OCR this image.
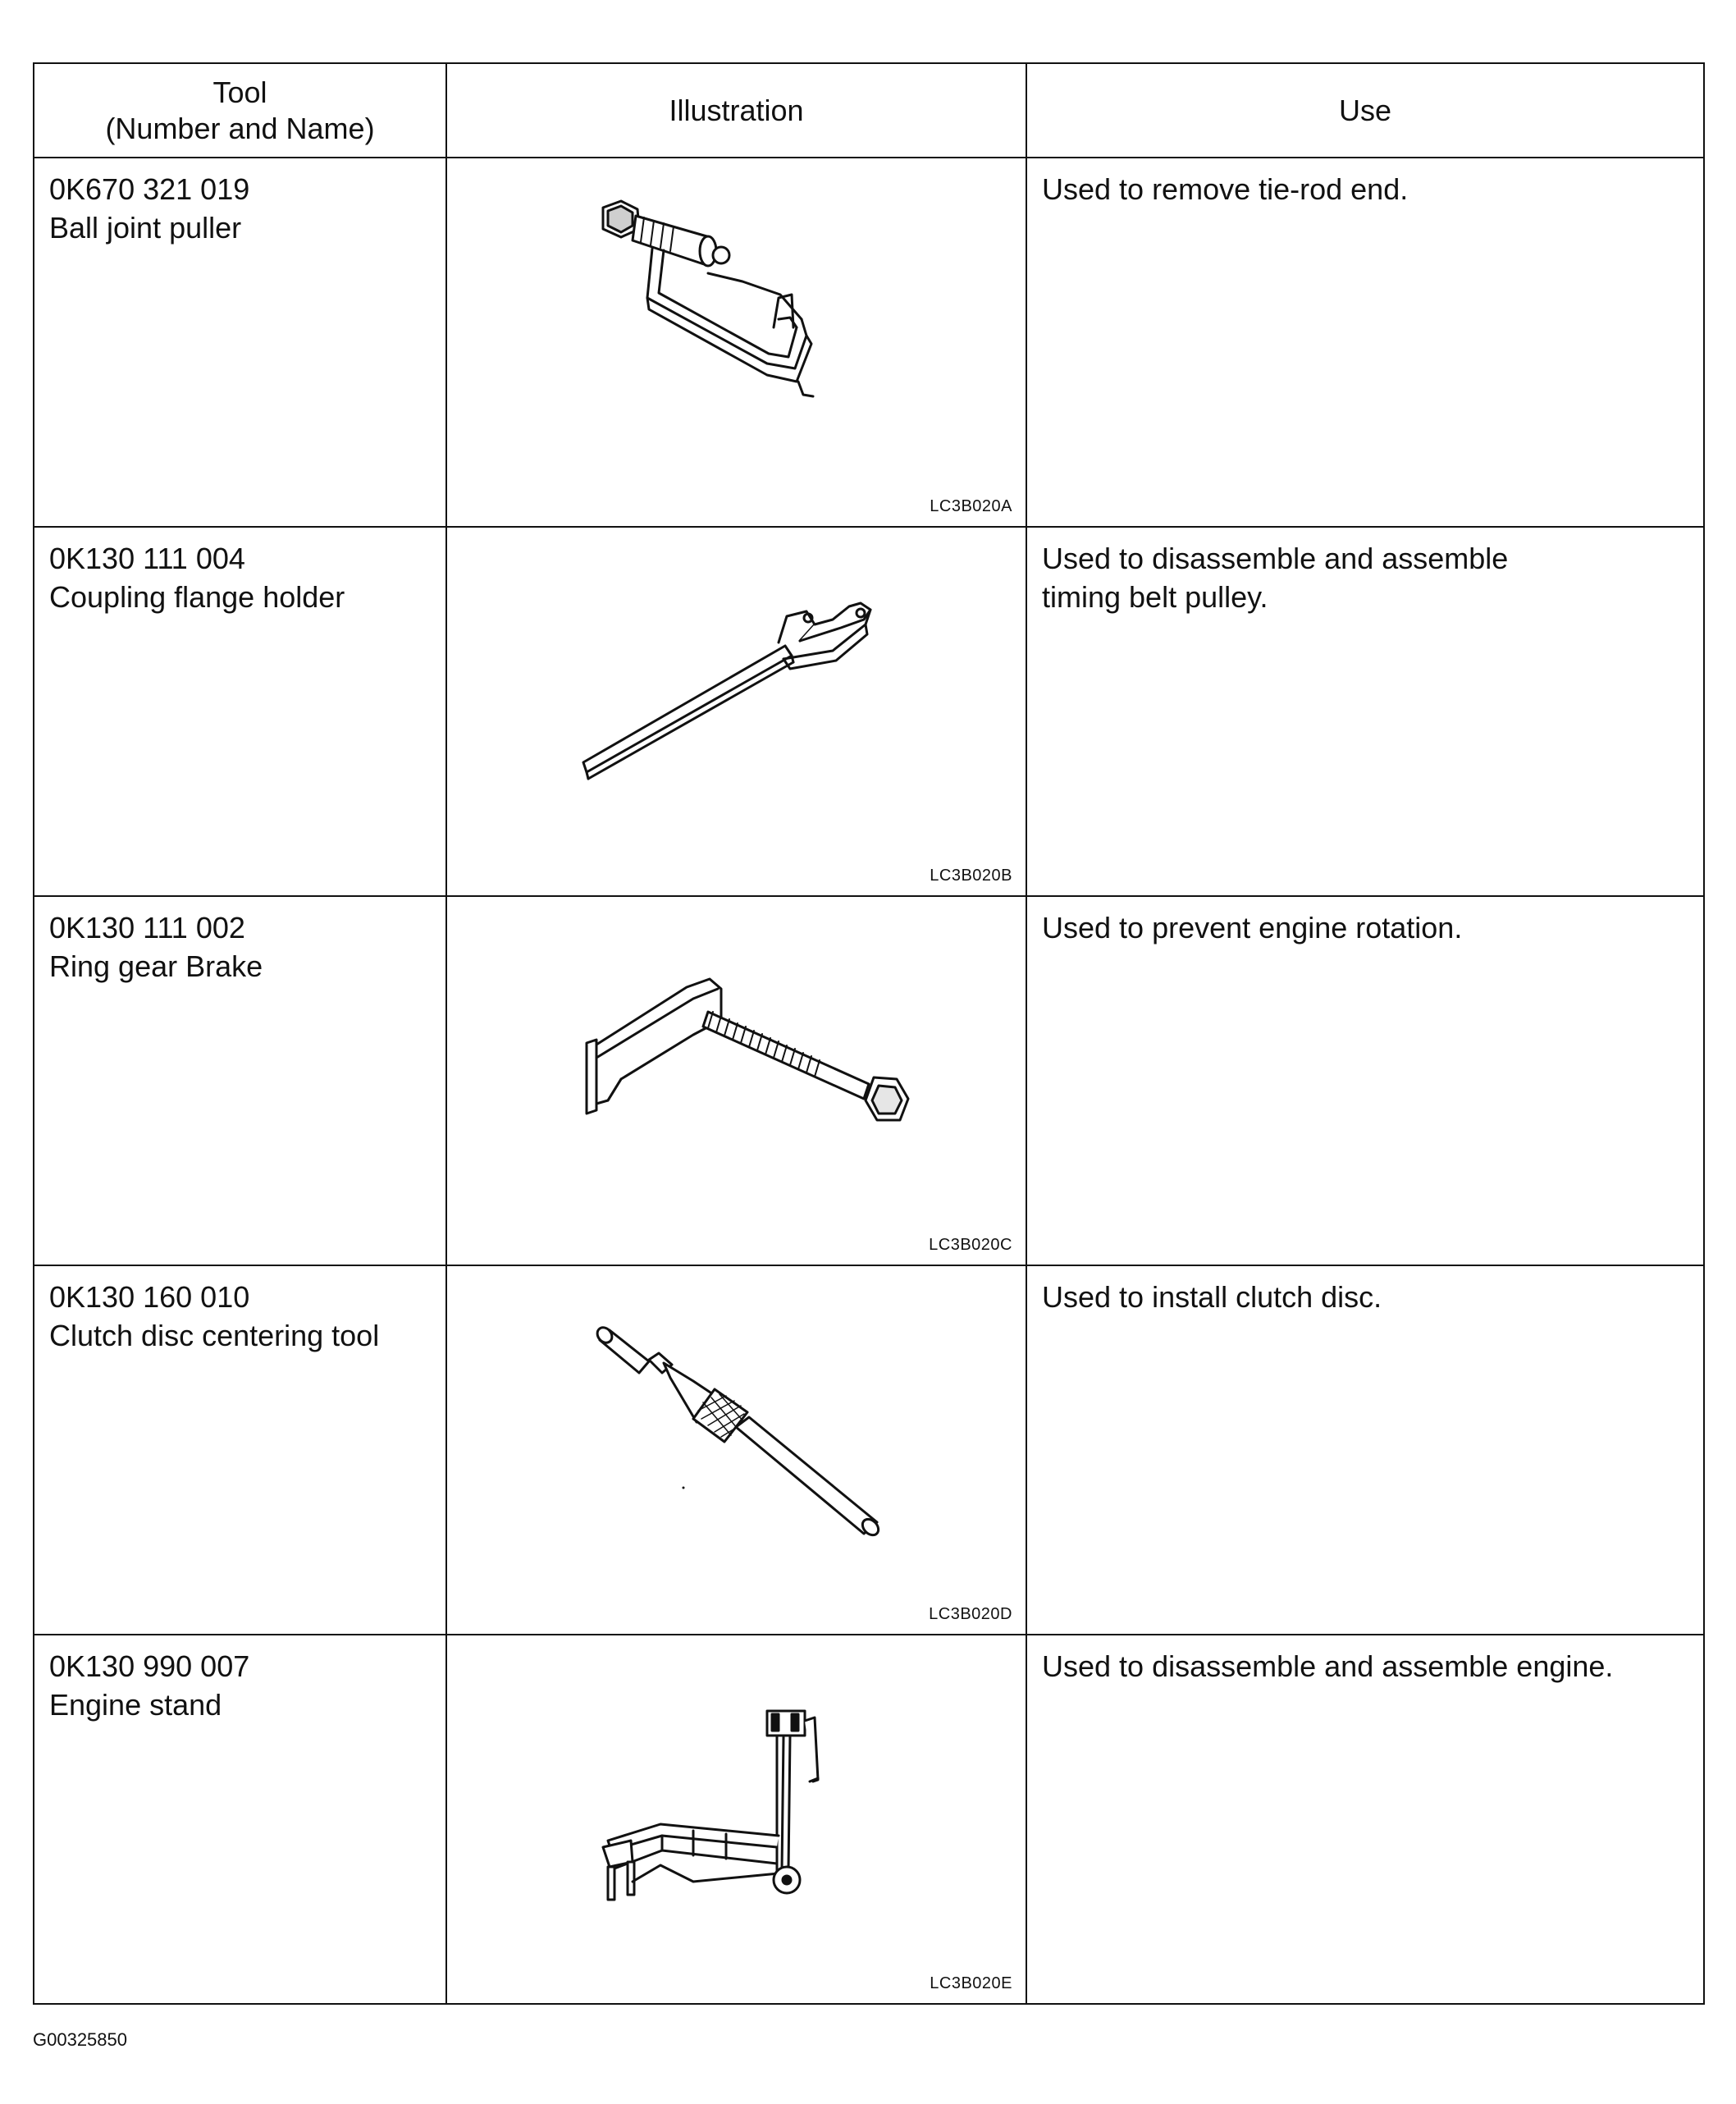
Tool
(Number and Name)	Illustration	Use

0K670 321 019
Ball joint puller	LC3B020A	Used to remove tie-rod end.

0K130 111 004
Coupling flange holder	LC3B020B	Used to disassemble and assemble
timing belt pulley.

0K130 111 002
Ring gear Brake	LC3B020C	Used to prevent engine rotation.

0K130 160 010
Clutch disc centering tool	LC3B020D	Used to install clutch disc.

0K130 990 007
Engine stand	LC3B020E	Used to disassemble and assemble engine.
G00325850
